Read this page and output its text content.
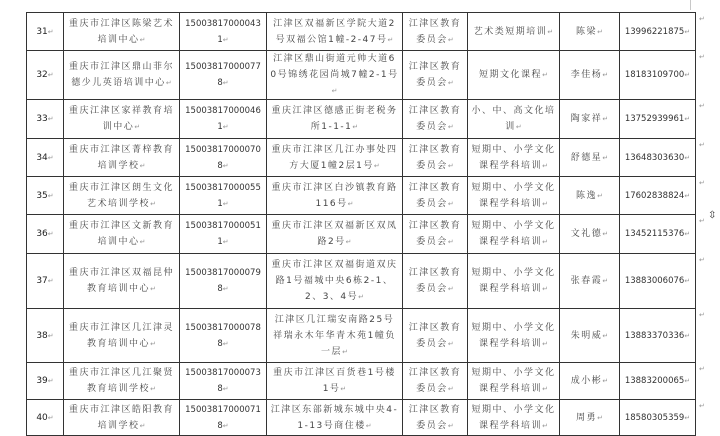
31 ↵	重庆市江津区陈梁艺术培训中心 ↵	150038170000431 ↵	江津区双福新区学院大道2号双福公馆1幢-2-47号 ↵	江津区教育委员会 ↵	艺术类短期培训 ↵	陈梁 ↵	13996221875 ↵
32 ↵	重庆市江津区鼎山菲尔德少儿英语培训中心 ↵	150038170000778 ↵	江津区鼎山街道元帅大道60号锦绣花园尚城7幢2-1号 ↵	江津区教育委员会 ↵	短期文化课程 ↵	李佳杨 ↵	18183109700 ↵
33 ↵	重庆江津区家祥教育培训中心 ↵	150038170000461 ↵	重庆江津区德感正街老税务所1-1-1 ↵	江津区教育委员会 ↵	小、中、高文化培训 ↵	陶家祥 ↵	13752939961 ↵
34 ↵	重庆市江津区菁梓教育培训学校 ↵	150038170000708 ↵	重庆市江津区几江办事处四方大厦1幢2层1号 ↵	江津区教育委员会 ↵	短期中、小学文化课程学科培训 ↵	舒德星 ↵	13648303630 ↵
35 ↵	重庆市江津区朗生文化艺术培训学校 ↵	150038170000551 ↵	重庆市江津区白沙镇教育路116号 ↵	江津区教育委员会 ↵	短期中、小学文化课程学科培训 ↵	陈逸 ↵	17602838824 ↵
36 ↵	重庆市江津区文新教育培训中心 ↵	150038170000511 ↵	重庆市江津区双福新区双凤路2号 ↵	江津区教育委员会 ↵	短期中、小学文化课程学科培训 ↵	文礼德 ↵	13452115376 ↵
37 ↵	重庆市江津区双福昆仲教育培训中心 ↵	150038170000798 ↵	重庆市江津区双福街道双庆路1号福城中央6栋2-1、2、3、4号 ↵	江津区教育委员会 ↵	短期中、小学文化课程学科培训 ↵	张春霞 ↵	13883006076 ↵
38 ↵	重庆市江津区几江津灵教育培训中心 ↵	150038170000788 ↵	江津区几江瑞安南路25号祥瑞永木年华青木苑1幢负一层 ↵	江津区教育委员会 ↵	短期中、小学文化课程学科培训 ↵	朱明威 ↵	13883370336 ↵
39 ↵	重庆市江津区几江聚贤教育培训学校 ↵	150038170000738 ↵	重庆市江津区百货巷1号楼1号 ↵	江津区教育委员会 ↵	短期中、小学文化课程学科培训 ↵	成小彬 ↵	13883200065 ↵
40 ↵	重庆市江津区皓阳教育培训学校 ↵	150038170000718 ↵	江津区东部新城东城中央4-1-13号商住楼 ↵	江津区教育委员会 ↵	短期中、小学文化课程学科培训 ↵	周勇 ↵	18580305359 ↵
⇳
↵
↵
↵
↵
↵
↵
↵
↵
↵
↵
